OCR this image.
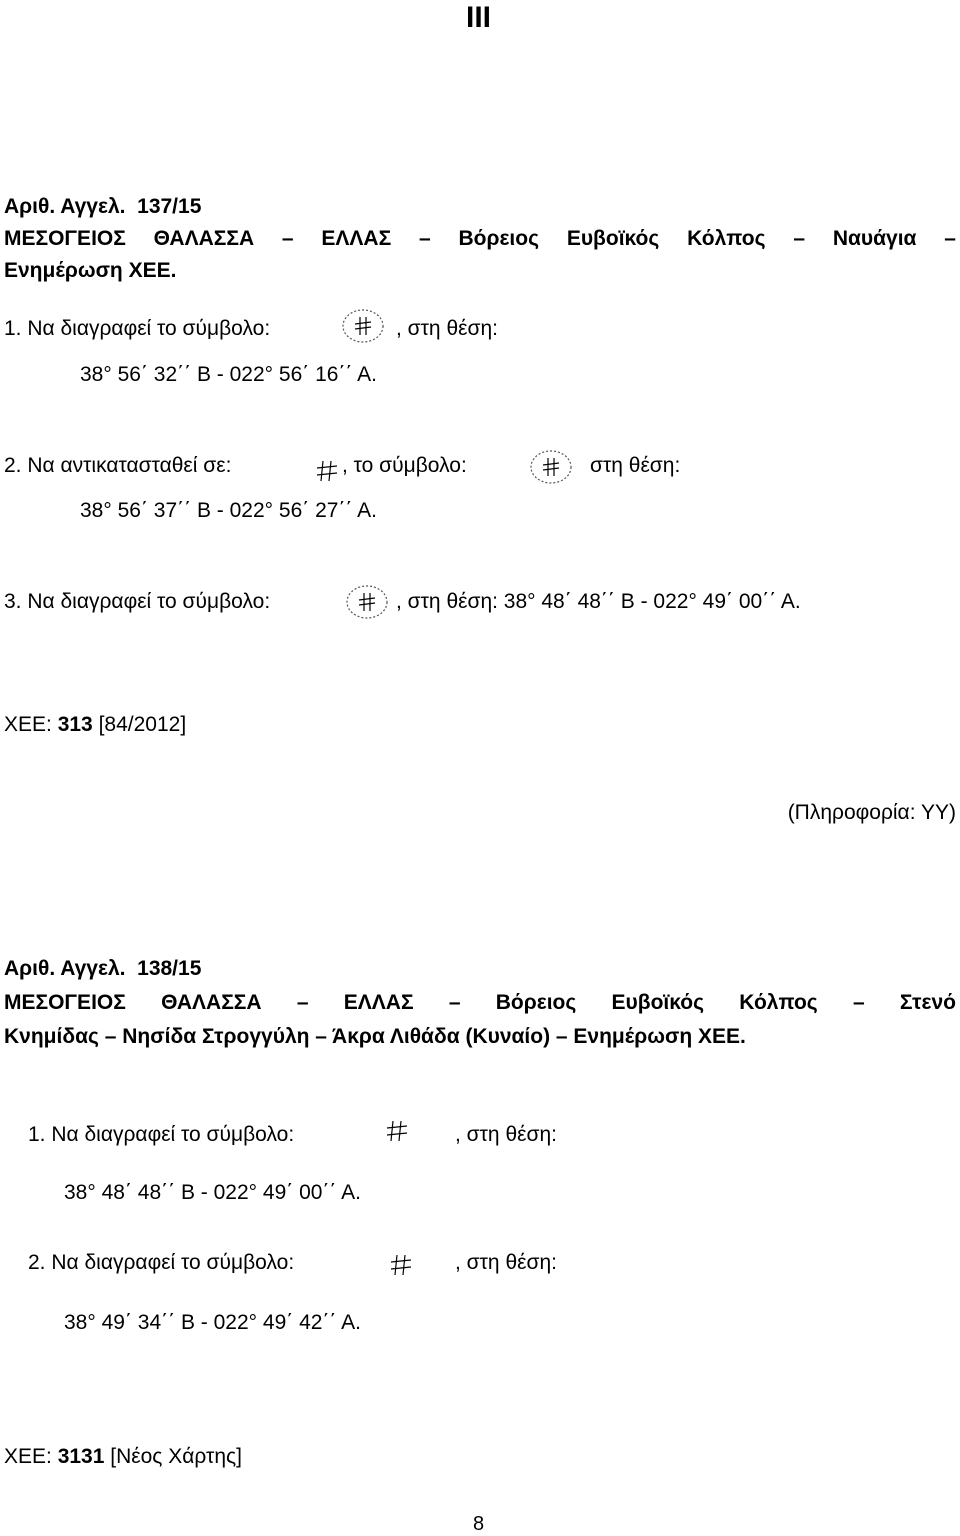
III
Αριθ. Αγγελ. 137/15
ΜΕΣΟΓΕΙΟΣ ΘΑΛΑΣΣΑ – ΕΛΛΑΣ – Βόρειος Ευβοϊκός Κόλπος – Ναυάγια –
Ενημέρωση ΧΕΕ.
1. Να διαγραφεί το σύμβολο:	, στη θέση:
38° 56΄ 32΄΄ Β - 022° 56΄ 16΄΄ Α.
2. Να αντικατασταθεί σε:	, το σύμβολο:	στη θέση:
38° 56΄ 37΄΄ Β - 022° 56΄ 27΄΄ Α.
3. Να διαγραφεί το σύμβολο:	, στη θέση: 38° 48΄ 48΄΄ Β - 022° 49΄ 00΄΄ Α.
ΧΕΕ: 313 [84/2012]
(Πληροφορία: ΥΥ)
Αριθ. Αγγελ. 138/15
ΜΕΣΟΓΕΙΟΣ ΘΑΛΑΣΣΑ – ΕΛΛΑΣ – Βόρειος Ευβοϊκός Κόλπος – Στενό
Κνημίδας – Νησίδα Στρογγύλη – Άκρα Λιθάδα (Κυναίο) – Ενημέρωση ΧΕΕ.
1. Να διαγραφεί το σύμβολο:	, στη θέση:
38° 48΄ 48΄΄ Β - 022° 49΄ 00΄΄ Α.
2. Να διαγραφεί το σύμβολο:	, στη θέση:
38° 49΄ 34΄΄ Β - 022° 49΄ 42΄΄ Α.
ΧΕΕ: 3131 [Νέος Χάρτης]
8
